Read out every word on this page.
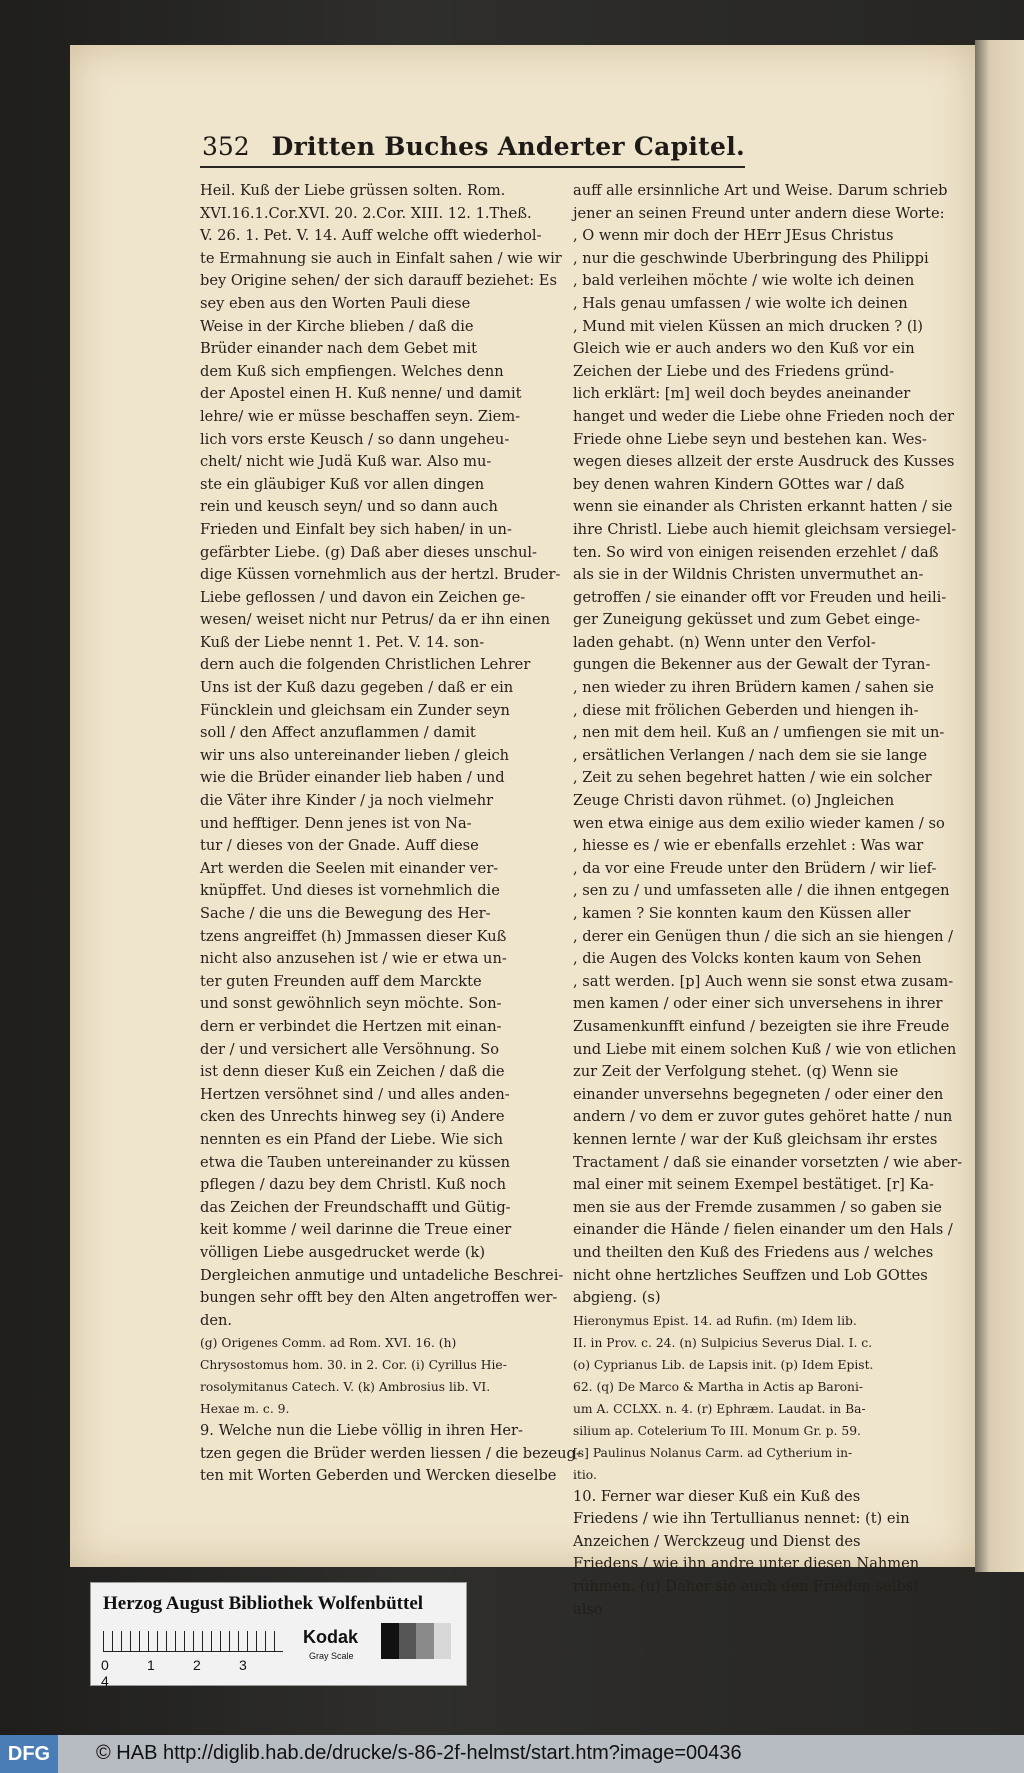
352 Dritten Buches Anderter Capitel.
Heil. Kuß der Liebe grüssen solten. Rom.
XVI.16.1.Cor.XVI. 20. 2.Cor. XIII. 12. 1.Theß.
V. 26. 1. Pet. V. 14. Auff welche offt wiederhol-
te Ermahnung sie auch in Einfalt sahen / wie wir
bey Origine sehen/ der sich darauff beziehet: Es
sey eben aus den Worten Pauli diese
Weise in der Kirche blieben / daß die
Brüder einander nach dem Gebet mit
dem Kuß sich empfiengen. Welches denn
der Apostel einen H. Kuß nenne/ und damit
lehre/ wie er müsse beschaffen seyn. Ziem-
lich vors erste Keusch / so dann ungeheu-
chelt/ nicht wie Judä Kuß war. Also mu-
ste ein gläubiger Kuß vor allen dingen
rein und keusch seyn/ und so dann auch
Frieden und Einfalt bey sich haben/ in un-
gefärbter Liebe. (g) Daß aber dieses unschul-
dige Küssen vornehmlich aus der hertzl. Bruder-
Liebe geflossen / und davon ein Zeichen ge-
wesen/ weiset nicht nur Petrus/ da er ihn einen
Kuß der Liebe nennt 1. Pet. V. 14. son-
dern auch die folgenden Christlichen Lehrer
Uns ist der Kuß dazu gegeben / daß er ein
Füncklein und gleichsam ein Zunder seyn
soll / den Affect anzuflammen / damit
wir uns also untereinander lieben / gleich
wie die Brüder einander lieb haben / und
die Väter ihre Kinder / ja noch vielmehr
und hefftiger. Denn jenes ist von Na-
tur / dieses von der Gnade. Auff diese
Art werden die Seelen mit einander ver-
knüpffet. Und dieses ist vornehmlich die
Sache / die uns die Bewegung des Her-
tzens angreiffet (h) Jmmassen dieser Kuß
nicht also anzusehen ist / wie er etwa un-
ter guten Freunden auff dem Marckte
und sonst gewöhnlich seyn möchte. Son-
dern er verbindet die Hertzen mit einan-
der / und versichert alle Versöhnung. So
ist denn dieser Kuß ein Zeichen / daß die
Hertzen versöhnet sind / und alles anden-
cken des Unrechts hinweg sey (i) Andere
nennten es ein Pfand der Liebe. Wie sich
etwa die Tauben untereinander zu küssen
pflegen / dazu bey dem Christl. Kuß noch
das Zeichen der Freundschafft und Gütig-
keit komme / weil darinne die Treue einer
völligen Liebe ausgedrucket werde (k)
Dergleichen anmutige und untadeliche Beschrei-
bungen sehr offt bey den Alten angetroffen wer-
den.
(g) Origenes Comm. ad Rom. XVI. 16. (h)
Chrysostomus hom. 30. in 2. Cor. (i) Cyrillus Hie-
rosolymitanus Catech. V. (k) Ambrosius lib. VI.
Hexae m. c. 9.
9. Welche nun die Liebe völlig in ihren Her-
tzen gegen die Brüder werden liessen / die bezeug-
ten mit Worten Geberden und Wercken dieselbe
auff alle ersinnliche Art und Weise. Darum schrieb
jener an seinen Freund unter andern diese Worte:
, O wenn mir doch der HErr JEsus Christus
, nur die geschwinde Uberbringung des Philippi
, bald verleihen möchte / wie wolte ich deinen
, Hals genau umfassen / wie wolte ich deinen
, Mund mit vielen Küssen an mich drucken ? (l)
Gleich wie er auch anders wo den Kuß vor ein
Zeichen der Liebe und des Friedens gründ-
lich erklärt: [m] weil doch beydes aneinander
hanget und weder die Liebe ohne Frieden noch der
Friede ohne Liebe seyn und bestehen kan. Wes-
wegen dieses allzeit der erste Ausdruck des Kusses
bey denen wahren Kindern GOttes war / daß
wenn sie einander als Christen erkannt hatten / sie
ihre Christl. Liebe auch hiemit gleichsam versiegel-
ten. So wird von einigen reisenden erzehlet / daß
als sie in der Wildnis Christen unvermuthet an-
getroffen / sie einander offt vor Freuden und heili-
ger Zuneigung geküsset und zum Gebet einge-
laden gehabt. (n) Wenn unter den Verfol-
gungen die Bekenner aus der Gewalt der Tyran-
, nen wieder zu ihren Brüdern kamen / sahen sie
, diese mit frölichen Geberden und hiengen ih-
, nen mit dem heil. Kuß an / umfiengen sie mit un-
, ersätlichen Verlangen / nach dem sie sie lange
, Zeit zu sehen begehret hatten / wie ein solcher
Zeuge Christi davon rühmet. (o) Jngleichen
wen etwa einige aus dem exilio wieder kamen / so
, hiesse es / wie er ebenfalls erzehlet : Was war
, da vor eine Freude unter den Brüdern / wir lief-
, sen zu / und umfasseten alle / die ihnen entgegen
, kamen ? Sie konnten kaum den Küssen aller
, derer ein Genügen thun / die sich an sie hiengen /
, die Augen des Volcks konten kaum von Sehen
, satt werden. [p] Auch wenn sie sonst etwa zusam-
men kamen / oder einer sich unversehens in ihrer
Zusamenkunfft einfund / bezeigten sie ihre Freude
und Liebe mit einem solchen Kuß / wie von etlichen
zur Zeit der Verfolgung stehet. (q) Wenn sie
einander unversehns begegneten / oder einer den
andern / vo dem er zuvor gutes gehöret hatte / nun
kennen lernte / war der Kuß gleichsam ihr erstes
Tractament / daß sie einander vorsetzten / wie aber-
mal einer mit seinem Exempel bestätiget. [r] Ka-
men sie aus der Fremde zusammen / so gaben sie
einander die Hände / fielen einander um den Hals /
und theilten den Kuß des Friedens aus / welches
nicht ohne hertzliches Seuffzen und Lob GOttes
abgieng. (s)
Hieronymus Epist. 14. ad Rufin. (m) Idem lib.
II. in Prov. c. 24. (n) Sulpicius Severus Dial. I. c.
(o) Cyprianus Lib. de Lapsis init. (p) Idem Epist.
62. (q) De Marco & Martha in Actis ap Baroni-
um A. CCLXX. n. 4. (r) Ephræm. Laudat. in Ba-
silium ap. Cotelerium To III. Monum Gr. p. 59.
[s] Paulinus Nolanus Carm. ad Cytherium in-
itio.
10. Ferner war dieser Kuß ein Kuß des
Friedens / wie ihn Tertullianus nennet: (t) ein
Anzeichen / Werckzeug und Dienst des
Friedens / wie ihn andre unter diesen Nahmen
rühmen. (u) Daher sie auch den Frieden selbst
also
Herzog August Bibliothek Wolfenbüttel
0	1	2	34
Kodak
Gray Scale
DFG	© HAB http://diglib.hab.de/drucke/s-86-2f-helmst/start.htm?image=00436
